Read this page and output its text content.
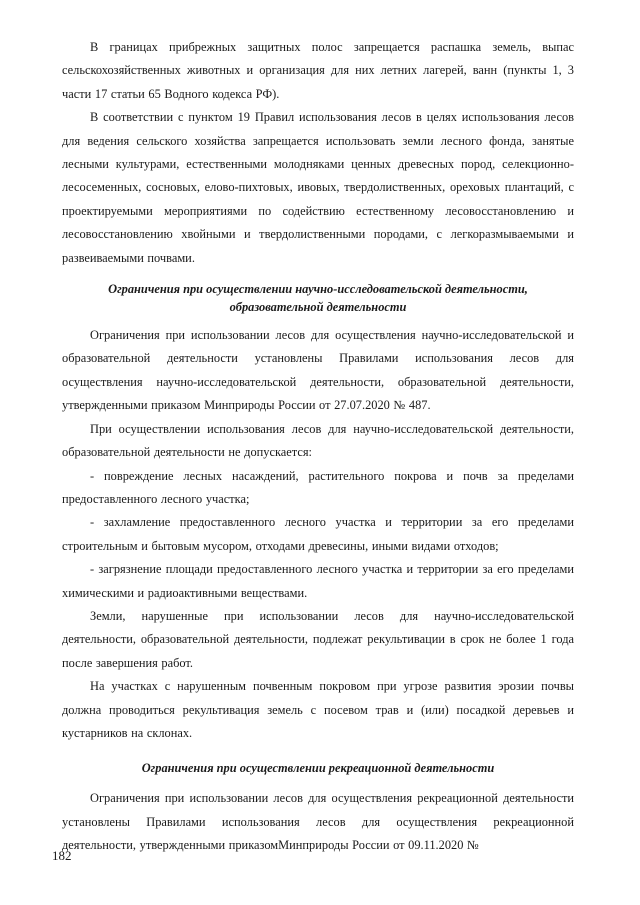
В границах прибрежных защитных полос запрещается распашка земель, выпас сельскохозяйственных животных и организация для них летних лагерей, ванн (пункты 1, 3 части 17 статьи 65 Водного кодекса РФ).

В соответствии с пунктом 19 Правил использования лесов в целях использования лесов для ведения сельского хозяйства запрещается использовать земли лесного фонда, занятые лесными культурами, естественными молодняками ценных древесных пород, селекционно-лесосеменных, сосновых, елово-пихтовых, ивовых, твердолиственных, ореховых плантаций, с проектируемыми мероприятиями по содействию естественному лесовосстановлению и лесовосстановлению хвойными и твердолиственными породами, с легкоразмываемыми и развеиваемыми почвами.

Ограничения при осуществлении научно-исследовательской деятельности,
образовательной деятельности

Ограничения при использовании лесов для осуществления научно-исследовательской и образовательной деятельности установлены Правилами использования лесов для осуществления научно-исследовательской деятельности, образовательной деятельности, утвержденными приказом Минприроды России от 27.07.2020 № 487.

При осуществлении использования лесов для научно-исследовательской деятельности, образовательной деятельности не допускается:

- повреждение лесных насаждений, растительного покрова и почв за пределами предоставленного лесного участка;

- захламление предоставленного лесного участка и территории за его пределами строительным и бытовым мусором, отходами древесины, иными видами отходов;

- загрязнение площади предоставленного лесного участка и территории за его пределами химическими и радиоактивными веществами.

Земли, нарушенные при использовании лесов для научно-исследовательской деятельности, образовательной деятельности, подлежат рекультивации в срок не более 1 года после завершения работ.

На участках с нарушенным почвенным покровом при угрозе развития эрозии почвы должна проводиться рекультивация земель с посевом трав и (или) посадкой деревьев и кустарников на склонах.

Ограничения при осуществлении рекреационной деятельности

Ограничения при использовании лесов для осуществления рекреационной деятельности установлены Правилами использования лесов для осуществления рекреационной деятельности, утвержденными приказомМинприроды России от 09.11.2020 №

182
